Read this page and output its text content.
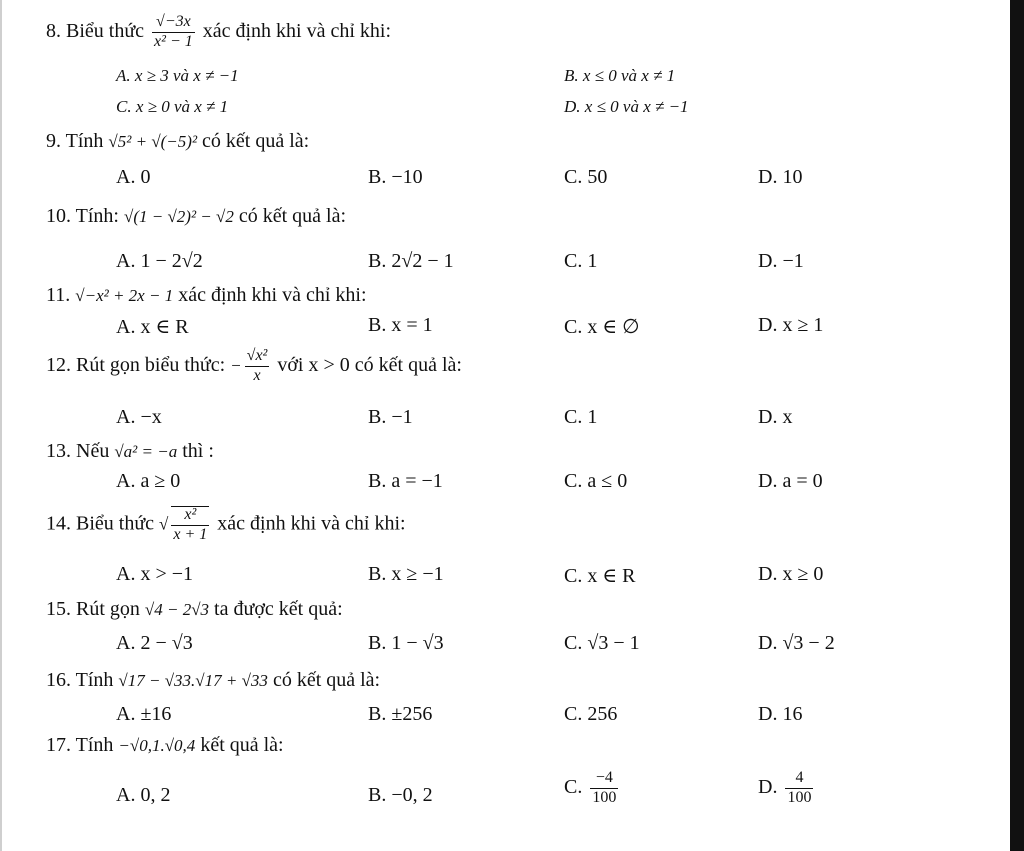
8. Biểu thức $\frac{√-3x}{\text{x² − 1}}$ xác định khi và chỉ khi:
A. x ≥ 3 và x ≠ −1	B. x ≤ 0 và x ≠ 1
C. x ≥ 0 và x ≠ 1	D. x ≤ 0 và x ≠ −1
9. Tính √5² + √(−5)² có kết quả là:
A. 0	B. −10	C. 50	D. 10
10. Tính: √(1 − √2)² − √2 có kết quả là:
A. 1 − 2√2	B. 2√2 − 1	C. 1	D. −1
11. √−x² + 2x − 1 xác định khi và chỉ khi:
A. x ∈ R	B. x = 1	C. x ∈ ∅	D. x ≥ 1
12. Rút gọn biểu thức: − $\frac{\text{√x²}}{x}$ với x > 0 có kết quả là:
A. −x	B. −1	C. 1	D. x
13. Nếu √a² = −a thì :
A. a ≥ 0	B. a = −1	C. a ≤ 0	D. a = 0
14. Biểu thức √ $\frac{\text{x²}}{x + 1}$ xác định khi và chỉ khi:
A. x > −1	B. x ≥ −1	C. x ∈ R	D. x ≥ 0
15. Rút gọn √4 − 2√3 ta được kết quả:
A. 2 − √3	B. 1 − √3	C. √3 − 1	D. √3 − 2
16. Tính √17 − √33.√17 + √33 có kết quả là:
A. ±16	B. ±256	C. 256	D. 16
17. Tính −√0,1.√0,4 kết quả là:
A. 0, 2	B. −0, 2	C. $\frac{-4}{100}$	D. $\frac{4}{100}$
